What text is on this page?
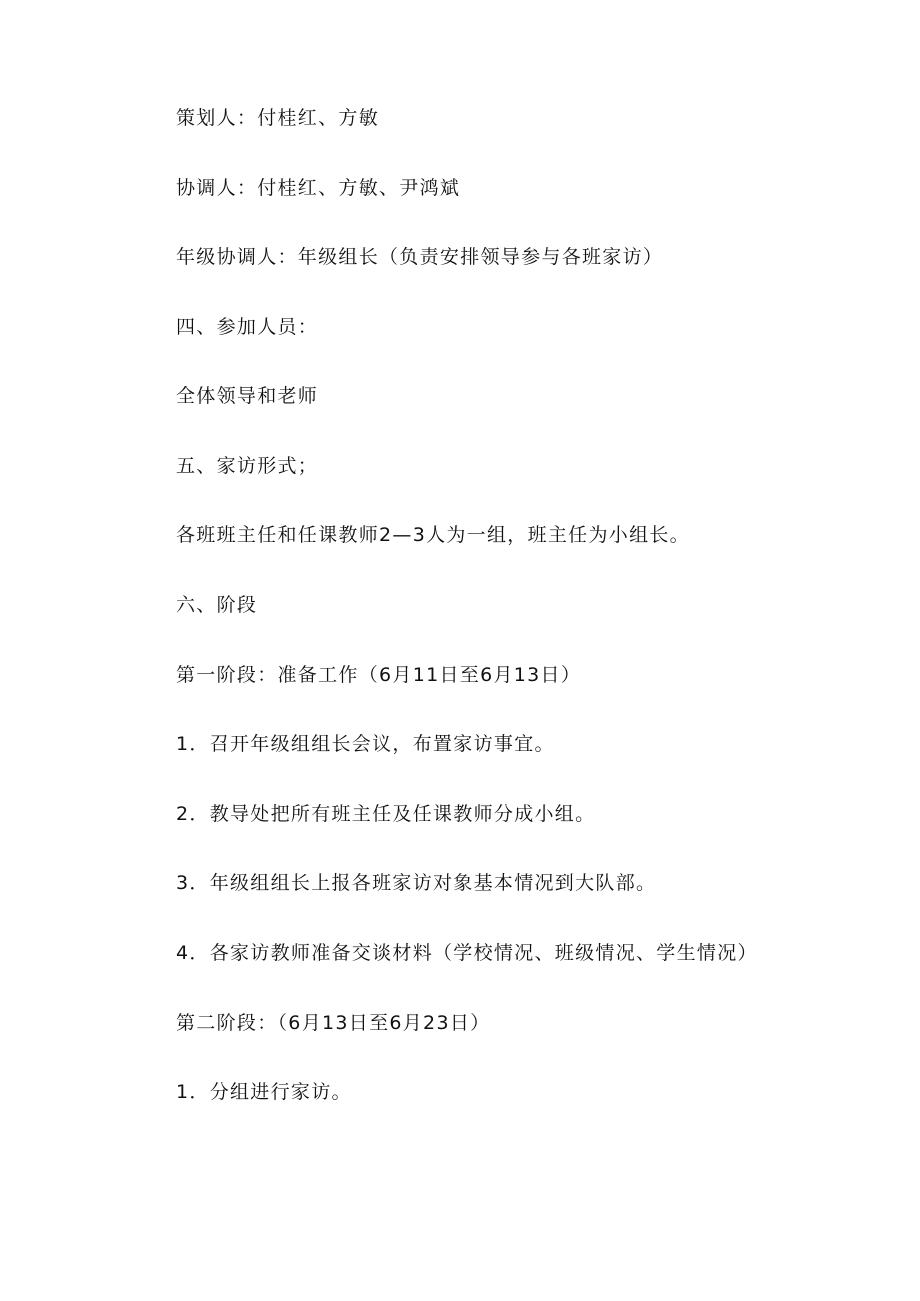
策划人：付桂红、方敏

协调人：付桂红、方敏、尹鸿斌

年级协调人：年级组长（负责安排领导参与各班家访）

四、参加人员：

全体领导和老师

五、家访形式；

各班班主任和任课教师2—3人为一组，班主任为小组长。

六、阶段

第一阶段：准备工作（6月11日至6月13日）

1．召开年级组组长会议，布置家访事宜。

2．教导处把所有班主任及任课教师分成小组。

3．年级组组长上报各班家访对象基本情况到大队部。

4．各家访教师准备交谈材料（学校情况、班级情况、学生情况）

第二阶段：（6月13日至6月23日）

1．分组进行家访。
